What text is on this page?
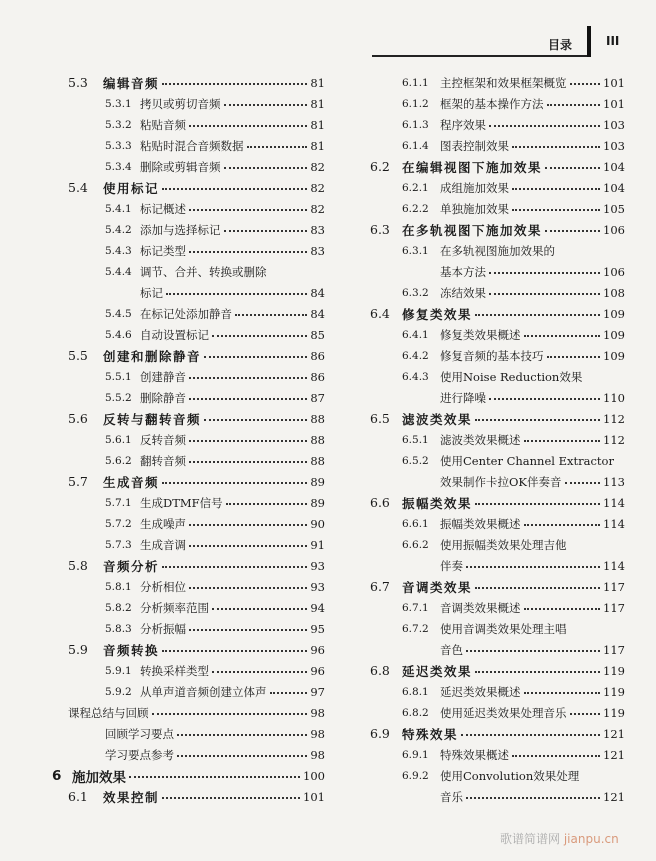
目录	III
5.3	编辑音频	81
5.3.1 拷贝或剪切音频	81
5.3.2 粘贴音频	81
5.3.3 粘贴时混合音频数据	81
5.3.4 删除或剪辑音频	82
5.4	使用标记	82
5.4.1 标记概述	82
5.4.2 添加与选择标记	83
5.4.3 标记类型	83
5.4.4 调节、合并、转换或删除
标记	84
5.4.5 在标记处添加静音	84
5.4.6 自动设置标记	85
5.5	创建和删除静音	86
5.5.1 创建静音	86
5.5.2 删除静音	87
5.6	反转与翻转音频	88
5.6.1 反转音频	88
5.6.2 翻转音频	88
5.7	生成音频	89
5.7.1 生成DTMF信号	89
5.7.2 生成噪声	90
5.7.3 生成音调	91
5.8	音频分析	93
5.8.1 分析相位	93
5.8.2 分析频率范围	94
5.8.3 分析振幅	95
5.9	音频转换	96
5.9.1 转换采样类型	96
5.9.2 从单声道音频创建立体声	97
课程总结与回顾	98
回顾学习要点	98
学习要点参考	98
6 施加效果	100
6.1	效果控制	101
6.1.1 主控框架和效果框架概览	101
6.1.2 框架的基本操作方法	101
6.1.3 程序效果	103
6.1.4 图表控制效果	103
6.2 在编辑视图下施加效果	104
6.2.1 成组施加效果	104
6.2.2 单独施加效果	105
6.3 在多轨视图下施加效果	106
6.3.1 在多轨视图施加效果的
基本方法	106
6.3.2 冻结效果	108
6.4 修复类效果	109
6.4.1 修复类效果概述	109
6.4.2 修复音频的基本技巧	109
6.4.3 使用Noise Reduction效果
进行降噪	110
6.5 滤波类效果	112
6.5.1 滤波类效果概述	112
6.5.2 使用Center Channel Extractor
效果制作卡拉OK伴奏音	113
6.6 振幅类效果	114
6.6.1 振幅类效果概述	114
6.6.2 使用振幅类效果处理吉他
伴奏	114
6.7 音调类效果	117
6.7.1 音调类效果概述	117
6.7.2 使用音调类效果处理主唱
音色	117
6.8 延迟类效果	119
6.8.1 延迟类效果概述	119
6.8.2 使用延迟类效果处理音乐	119
6.9 特殊效果	121
6.9.1 特殊效果概述	121
6.9.2 使用Convolution效果处理
音乐	121
歌谱简谱网 jianpu.cn
